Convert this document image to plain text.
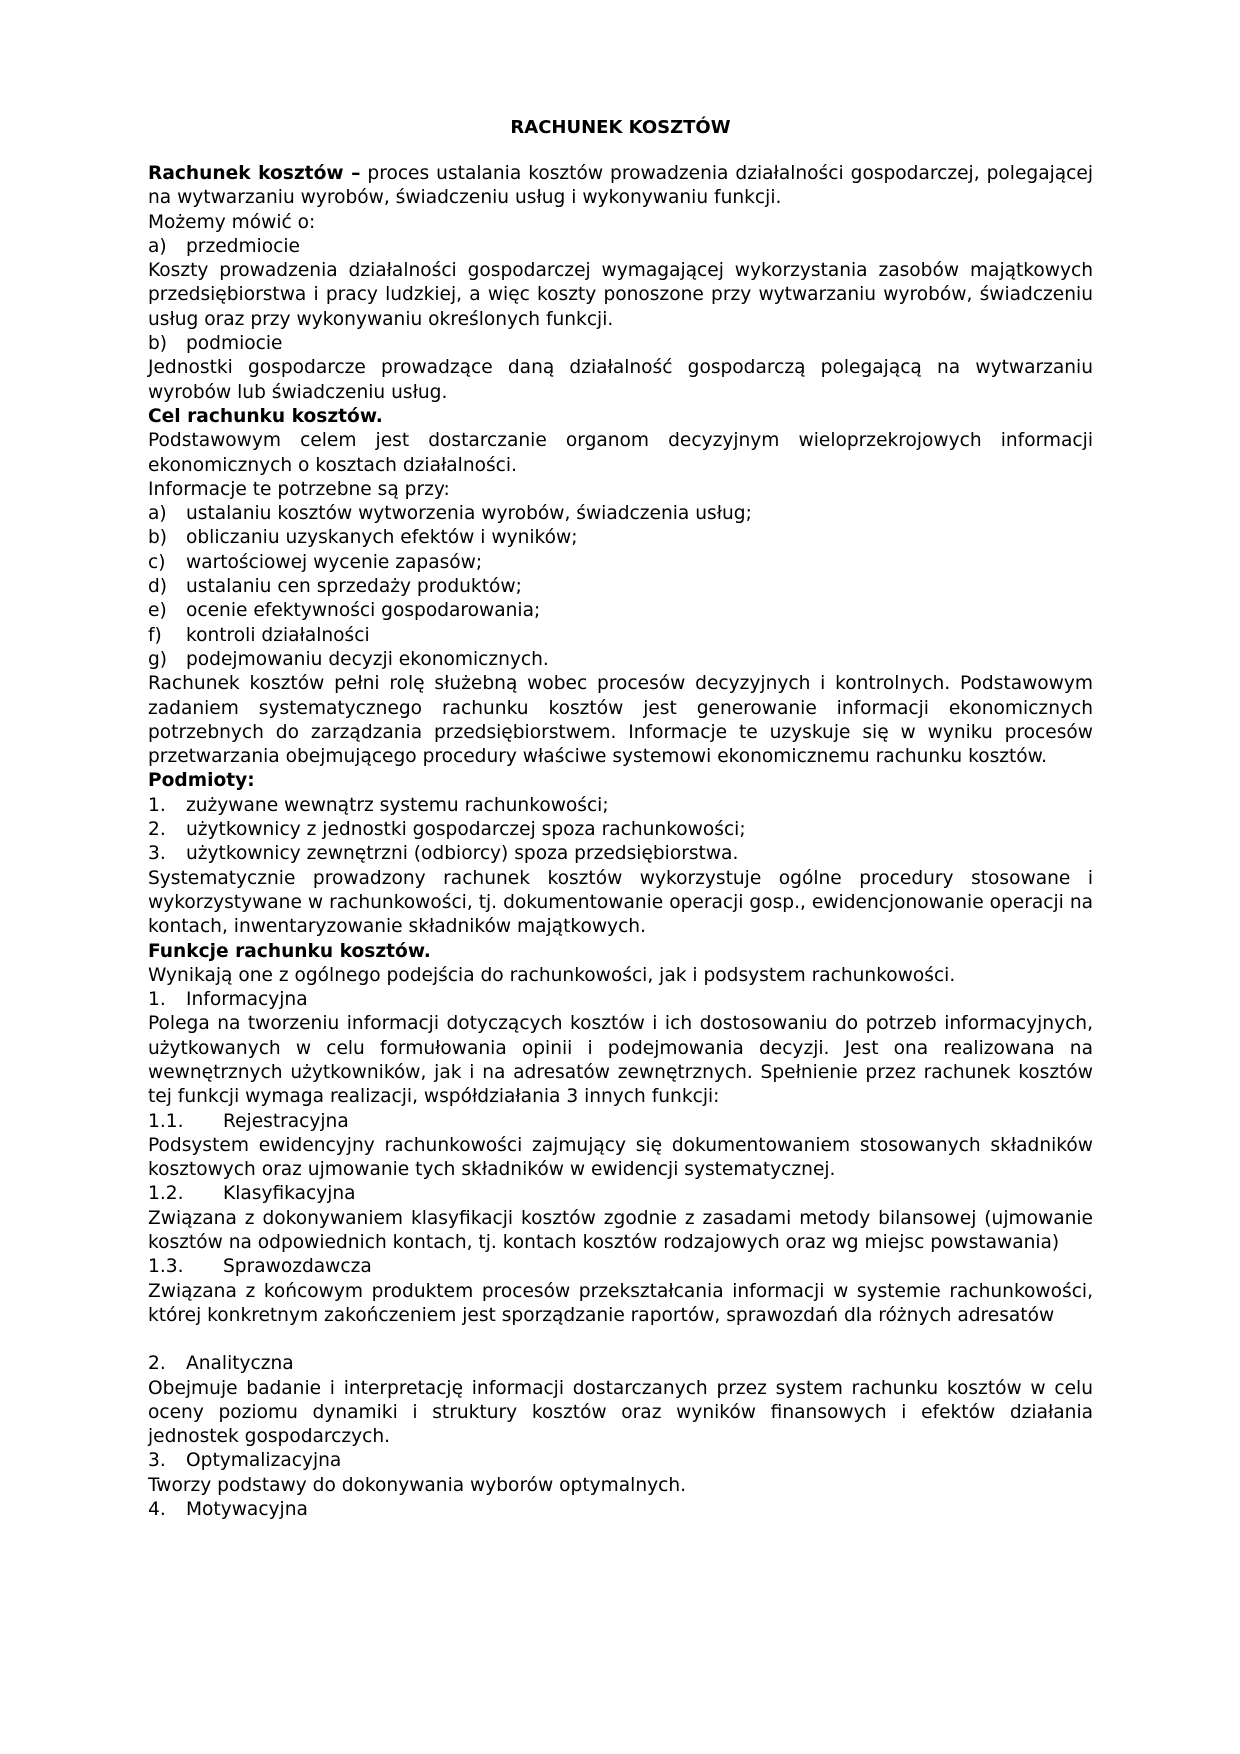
RACHUNEK KOSZTÓW

Rachunek kosztów – proces ustalania kosztów prowadzenia działalności gospodarczej, polegającej na wytwarzaniu wyrobów, świadczeniu usług i wykonywaniu funkcji.

Możemy mówić o:

a)	przedmiocie

Koszty prowadzenia działalności gospodarczej wymagającej wykorzystania zasobów majątkowych przedsiębiorstwa i pracy ludzkiej, a więc koszty ponoszone przy wytwarzaniu wyrobów, świadczeniu usług oraz przy wykonywaniu określonych funkcji.

b)	podmiocie

Jednostki gospodarcze prowadzące daną działalność gospodarczą polegającą na wytwarzaniu wyrobów lub świadczeniu usług.

Cel rachunku kosztów.

Podstawowym celem jest dostarczanie organom decyzyjnym wieloprzekrojowych informacji ekonomicznych o kosztach działalności.

Informacje te potrzebne są przy:

a)	ustalaniu kosztów wytworzenia wyrobów, świadczenia usług;
b)	obliczaniu uzyskanych efektów i wyników;
c)	wartościowej wycenie zapasów;
d)	ustalaniu cen sprzedaży produktów;
e)	ocenie efektywności gospodarowania;
f)	kontroli działalności
g)	podejmowaniu decyzji ekonomicznych.

Rachunek kosztów pełni rolę służebną wobec procesów decyzyjnych i kontrolnych. Podstawowym zadaniem systematycznego rachunku kosztów jest generowanie informacji ekonomicznych potrzebnych do zarządzania przedsiębiorstwem. Informacje te uzyskuje się w wyniku procesów przetwarzania obejmującego procedury właściwe systemowi ekonomicznemu rachunku kosztów.

Podmioty:

1.	zużywane wewnątrz systemu rachunkowości;
2.	użytkownicy z jednostki gospodarczej spoza rachunkowości;
3.	użytkownicy zewnętrzni (odbiorcy) spoza przedsiębiorstwa.

Systematycznie prowadzony rachunek kosztów wykorzystuje ogólne procedury stosowane i wykorzystywane w rachunkowości, tj. dokumentowanie operacji gosp., ewidencjonowanie operacji na kontach, inwentaryzowanie składników majątkowych.

Funkcje rachunku kosztów.

Wynikają one z ogólnego podejścia do rachunkowości, jak i podsystem rachunkowości.

1.	Informacyjna

Polega na tworzeniu informacji dotyczących kosztów i ich dostosowaniu do potrzeb informacyjnych, użytkowanych w celu formułowania opinii i podejmowania decyzji. Jest ona realizowana na wewnętrznych użytkowników, jak i na adresatów zewnętrznych. Spełnienie przez rachunek kosztów tej funkcji wymaga realizacji, współdziałania 3 innych funkcji:

1.1.	Rejestracyjna

Podsystem ewidencyjny rachunkowości zajmujący się dokumentowaniem stosowanych składników kosztowych oraz ujmowanie tych składników w ewidencji systematycznej.

1.2.	Klasyfikacyjna

Związana z dokonywaniem klasyfikacji kosztów zgodnie z zasadami metody bilansowej (ujmowanie kosztów na odpowiednich kontach, tj. kontach kosztów rodzajowych oraz wg miejsc powstawania)

1.3.	Sprawozdawcza

Związana z końcowym produktem procesów przekształcania informacji w systemie rachunkowości, której konkretnym zakończeniem jest sporządzanie raportów, sprawozdań dla różnych adresatów

2.	Analityczna

Obejmuje badanie i interpretację informacji dostarczanych przez system rachunku kosztów w celu oceny poziomu dynamiki i struktury kosztów oraz wyników finansowych i efektów działania jednostek gospodarczych.

3.	Optymalizacyjna

Tworzy podstawy do dokonywania wyborów optymalnych.

4.	Motywacyjna
